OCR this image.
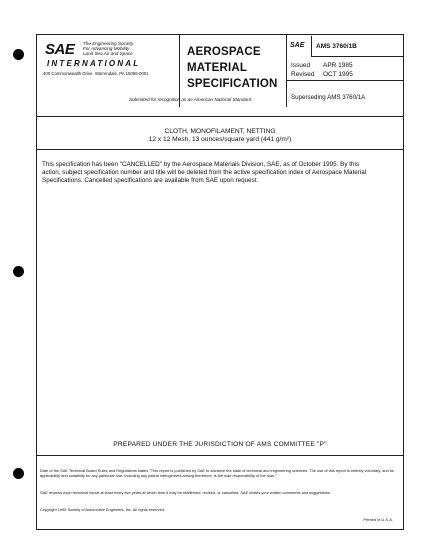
SAE The Engineering Society
For Advancing Mobility
Land Sea Air and Space
INTERNATIONAL
400 Commonwealth Drive, Warrendale, PA 15096-0001
AEROSPACE
MATERIAL
SPECIFICATION
SAE AMS 3760/1B
Issued APR 1985
Revised OCT 1995
Superseding AMS 3760/1A
Submitted for recognition as an American National Standard
CLOTH, MONOFILAMENT, NETTING
12 x 12 Mesh, 13 ounces/square yard (441 g/m²)
This specification has been "CANCELLED" by the Aerospace Materials Division, SAE, as of October 1995. By this action, subject specification number and title will be deleted from the active specification index of Aerospace Material Specifications. Cancelled specifications are available from SAE upon request.
PREPARED UNDER THE JURISDICTION OF AMS COMMITTEE "P"
Date of the SAE Technical Board Rules and Regulations states "This report is published by SAE to advance the state of technical and engineering sciences. The use of this report is entirely voluntary, and its applicability and suitability for any particular use, including any patent infringement arising therefrom, is the sole responsibility of the user."
SAE reviews each technical report at least every five years at which time it may be reaffirmed, revised, or cancelled. SAE invites your written comments and suggestions.
Copyright 1995 Society of Automotive Engineers, Inc. All rights reserved.
Printed in U.S.A.
